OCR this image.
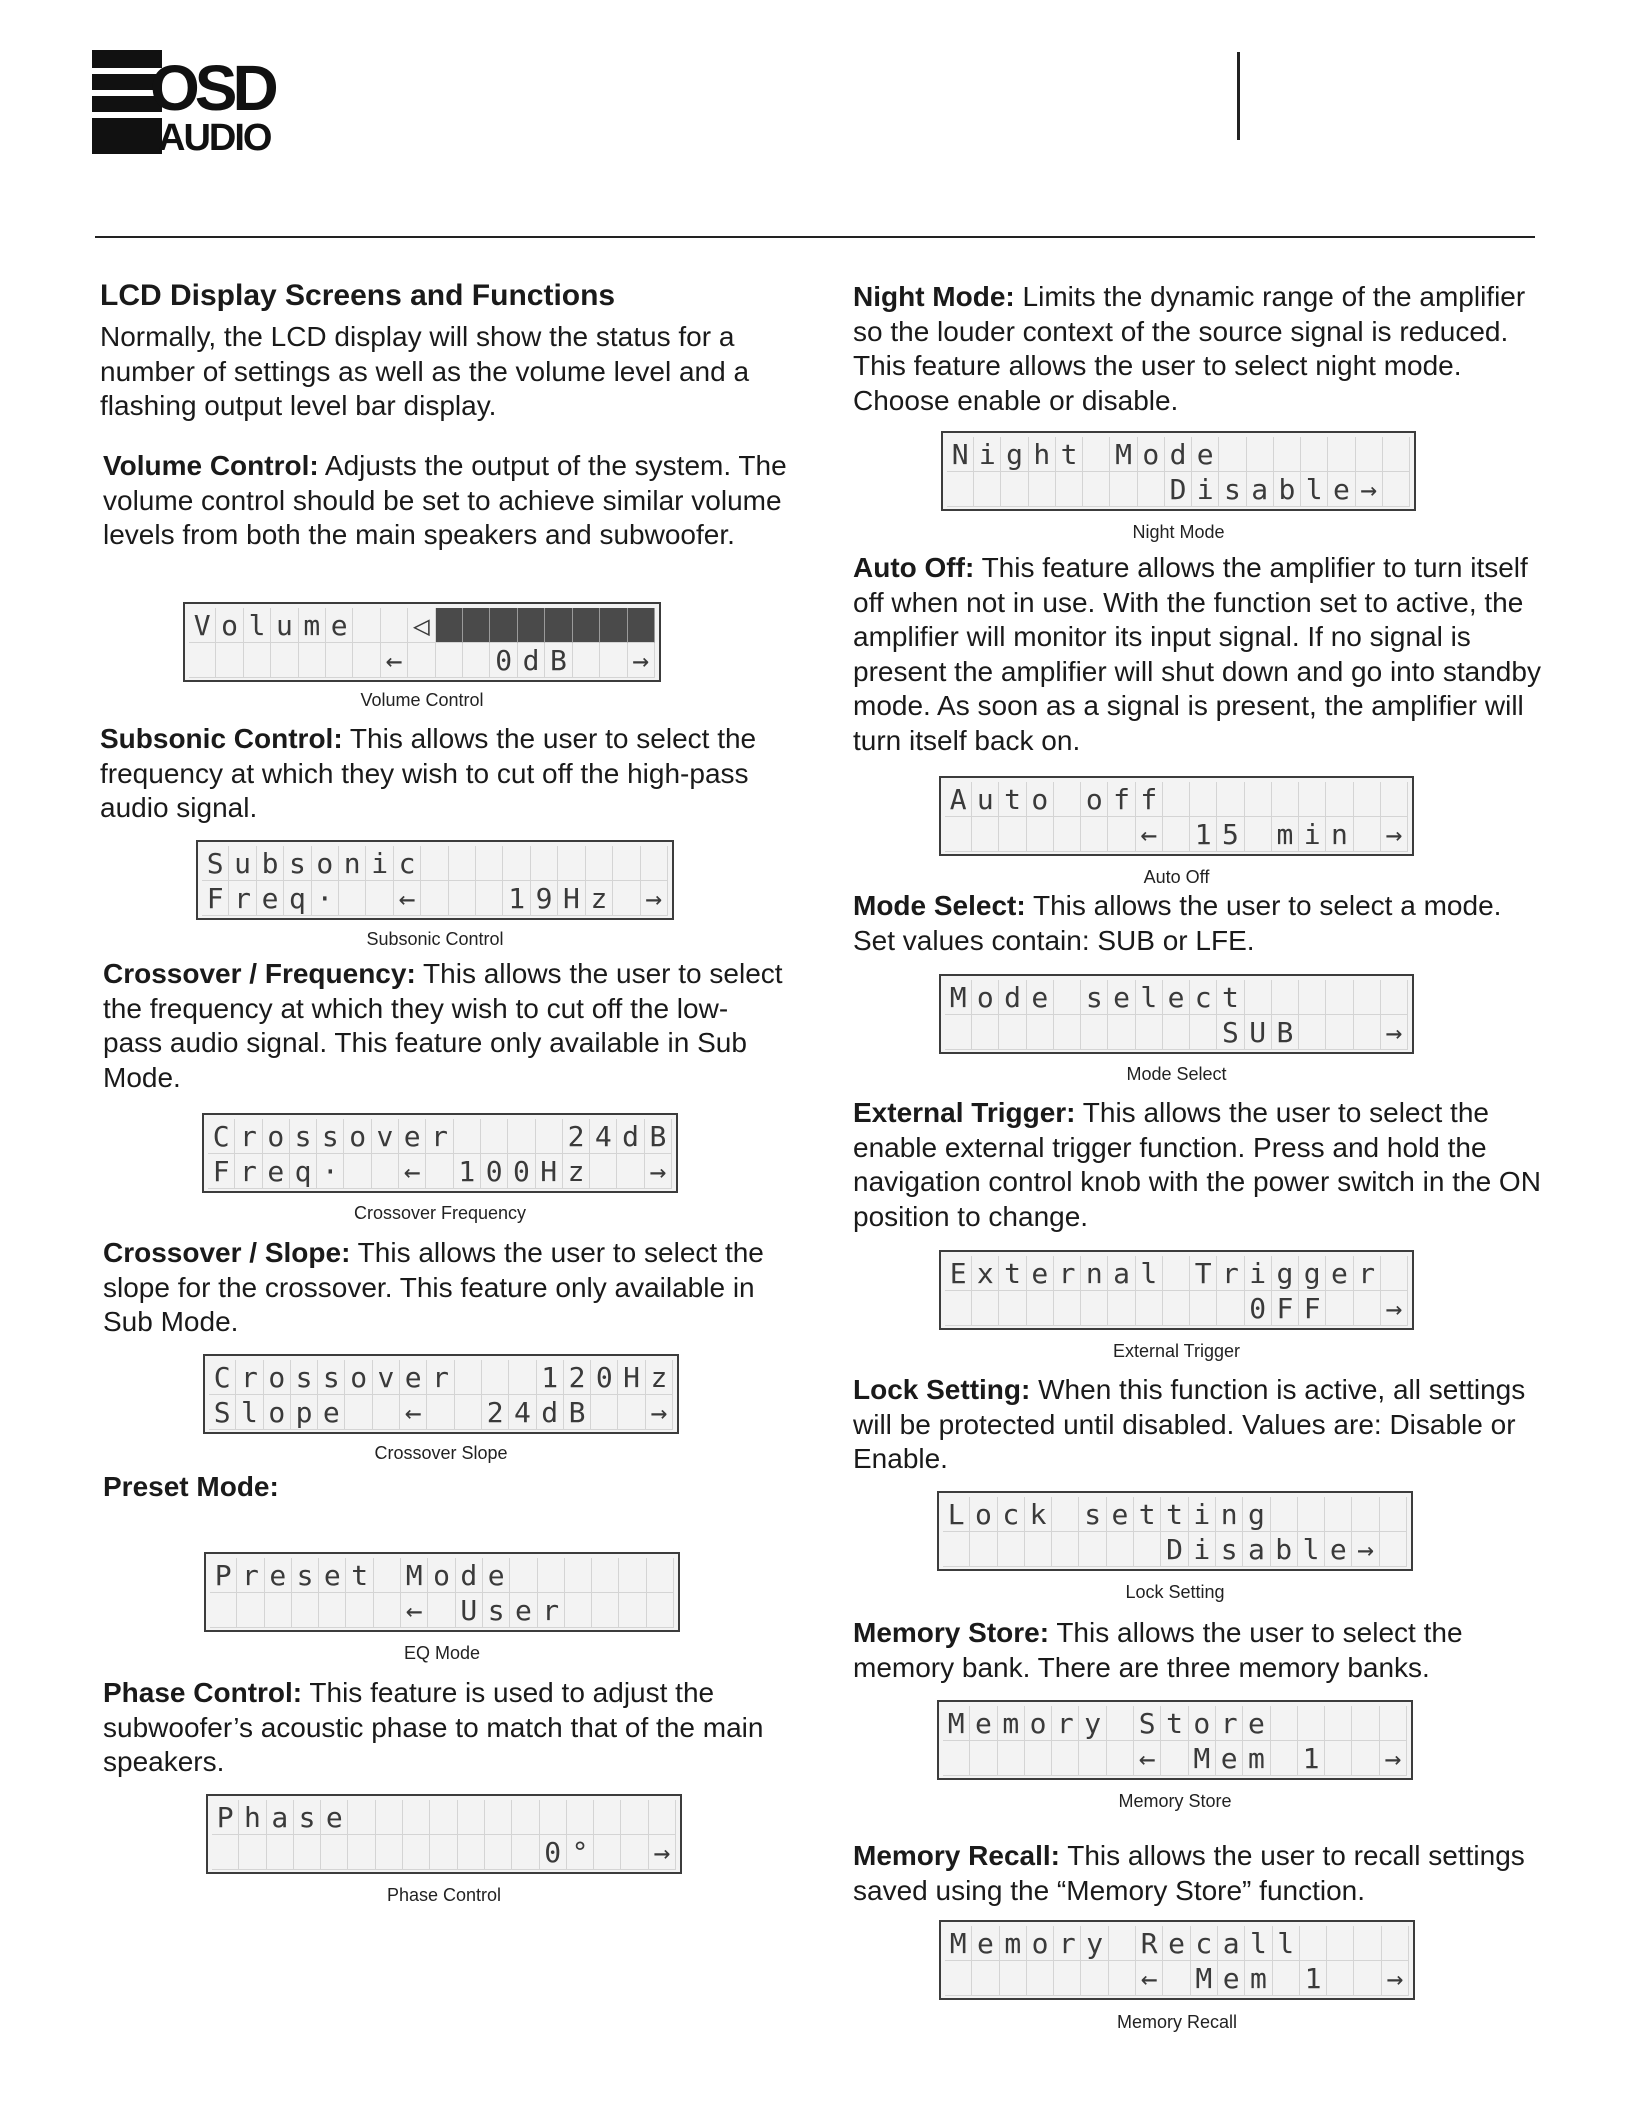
OSD
AUDIO
LCD Display Screens and Functions

Normally, the LCD display will show the status for a number of settings as well as the volume level and a flashing output level bar display.

Volume Control: Adjusts the output of the system. The volume control should be set to achieve similar volume levels from both the main speakers and subwoofer.

V o l u m e ◁
←	0 d B →
Volume Control

Subsonic Control: This allows the user to select the frequency at which they wish to cut off the high-pass audio signal.

S u b s o n i c
F r e q · ←	1 9 H z →
Subsonic Control

Crossover / Frequency: This allows the user to select the frequency at which they wish to cut off the low-pass audio signal. This feature only available in Sub Mode.

C r o s s o v e r	2 4 d B
F r e q · ← 1 0 0 H z →
Crossover Frequency

Crossover / Slope: This allows the user to select the slope for the crossover. This feature only available in Sub Mode.

C r o s s o v e r	1 2 0 H z
S l o p e ← 2 4 d B →
Crossover Slope

Preset Mode:

P r e s e t M o d e
← U s e r
EQ Mode

Phase Control: This feature is used to adjust the subwoofer’s acoustic phase to match that of the main speakers.

P h a s e
0 ° →
Phase Control

Night Mode: Limits the dynamic range of the amplifier so the louder context of the source signal is reduced. This feature allows the user to select night mode. Choose enable or disable.

N i g h t M o d e
D i s a b l e →
Night Mode

Auto Off: This feature allows the amplifier to turn itself off when not in use. With the function set to active, the amplifier will monitor its input signal. If no signal is present the amplifier will shut down and go into standby mode. As soon as a signal is present, the amplifier will turn itself back on.

A u t o o f f
← 1 5 m i n →
Auto Off

Mode Select: This allows the user to select a mode. Set values contain: SUB or LFE.

M o d e s e l e c t
S U B	→
Mode Select

External Trigger: This allows the user to select the enable external trigger function. Press and hold the navigation control knob with the power switch in the ON position to change.

E x t e r n a l T r i g g e r
0 F F →
External Trigger

Lock Setting: When this function is active, all settings will be protected until disabled. Values are: Disable or Enable.

L o c k s e t t i n g
D i s a b l e →
Lock Setting

Memory Store: This allows the user to select the memory bank. There are three memory banks.

M e m o r y S t o r e
← M e m 1 →
Memory Store

Memory Recall: This allows the user to recall settings saved using the “Memory Store” function.

M e m o r y R e c a l l
← M e m 1 →
Memory Recall
